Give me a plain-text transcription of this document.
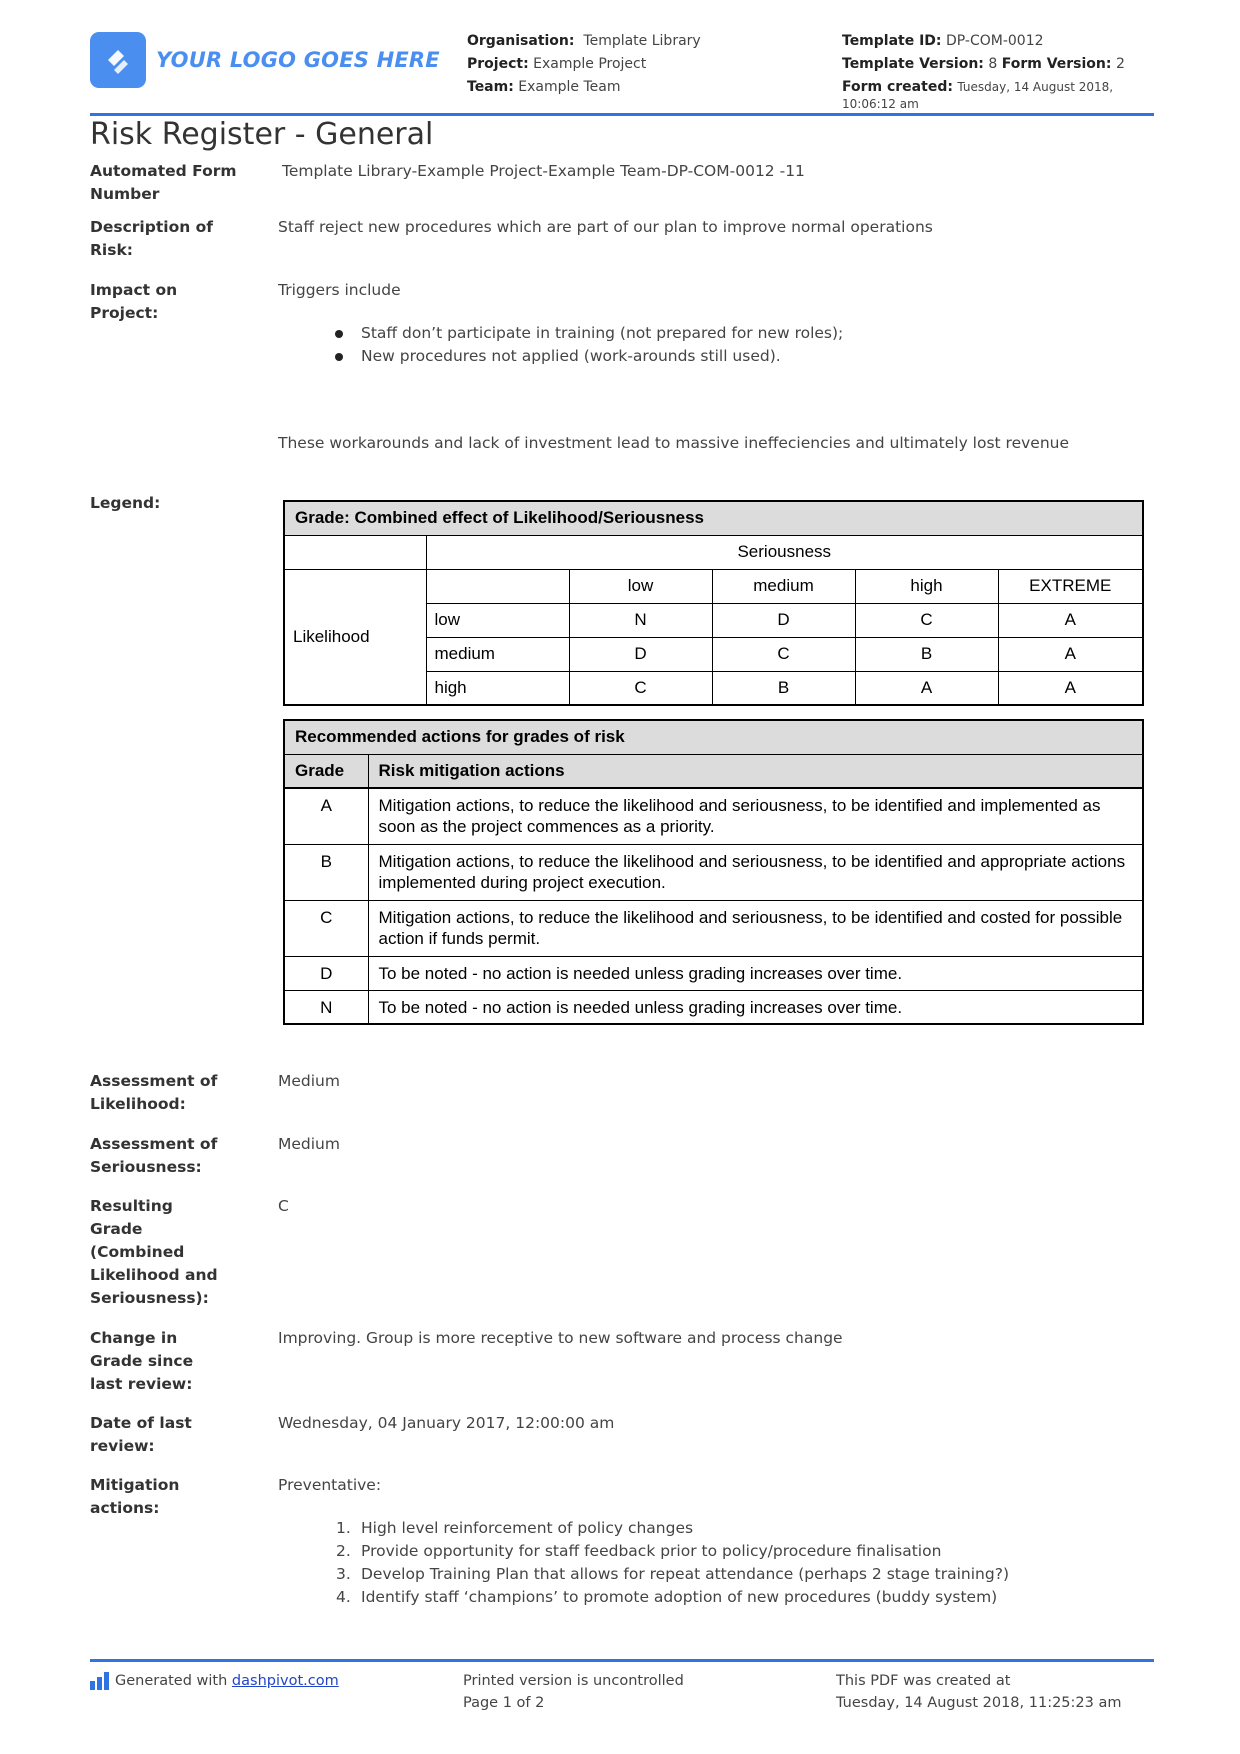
YOUR LOGO GOES HERE
Organisation: Template Library
Project: Example Project
Team: Example Team
Template ID: DP-COM-0012
Template Version: 8 Form Version: 2
Form created: Tuesday, 14 August 2018, 10:06:12 am
Risk Register - General
Automated Form Number
Template Library-Example Project-Example Team-DP-COM-0012 -11
Description of Risk:
Staff reject new procedures which are part of our plan to improve normal operations
Impact on Project:
Triggers include
Staff don’t participate in training (not prepared for new roles);
New procedures not applied (work-arounds still used).
These workarounds and lack of investment lead to massive ineffeciencies and ultimately lost revenue
Legend:
Grade: Combined effect of Likelihood/Seriousness					
	Seriousness				
Likelihood		low	medium	high	EXTREME
	low	N	D	C	A
	medium	D	C	B	A
	high	C	B	A	A
Recommended actions for grades of risk	
Grade	Risk mitigation actions
A	Mitigation actions, to reduce the likelihood and seriousness, to be identified and implemented as soon as the project commences as a priority.
B	Mitigation actions, to reduce the likelihood and seriousness, to be identified and appropriate actions implemented during project execution.
C	Mitigation actions, to reduce the likelihood and seriousness, to be identified and costed for possible action if funds permit.
D	To be noted - no action is needed unless grading increases over time.
N	To be noted - no action is needed unless grading increases over time.
Assessment of Likelihood:
Medium
Assessment of Seriousness:
Medium
Resulting Grade (Combined Likelihood and Seriousness):
C
Change in Grade since last review:
Improving. Group is more receptive to new software and process change
Date of last review:
Wednesday, 04 January 2017, 12:00:00 am
Mitigation actions:
Preventative:
1. High level reinforcement of policy changes
2. Provide opportunity for staff feedback prior to policy/procedure finalisation
3. Develop Training Plan that allows for repeat attendance (perhaps 2 stage training?)
4. Identify staff ‘champions’ to promote adoption of new procedures (buddy system)
Generated with
dashpivot.com	Printed version is uncontrolled
Page 1 of 2
This PDF was created at
Tuesday, 14 August 2018, 11:25:23 am
